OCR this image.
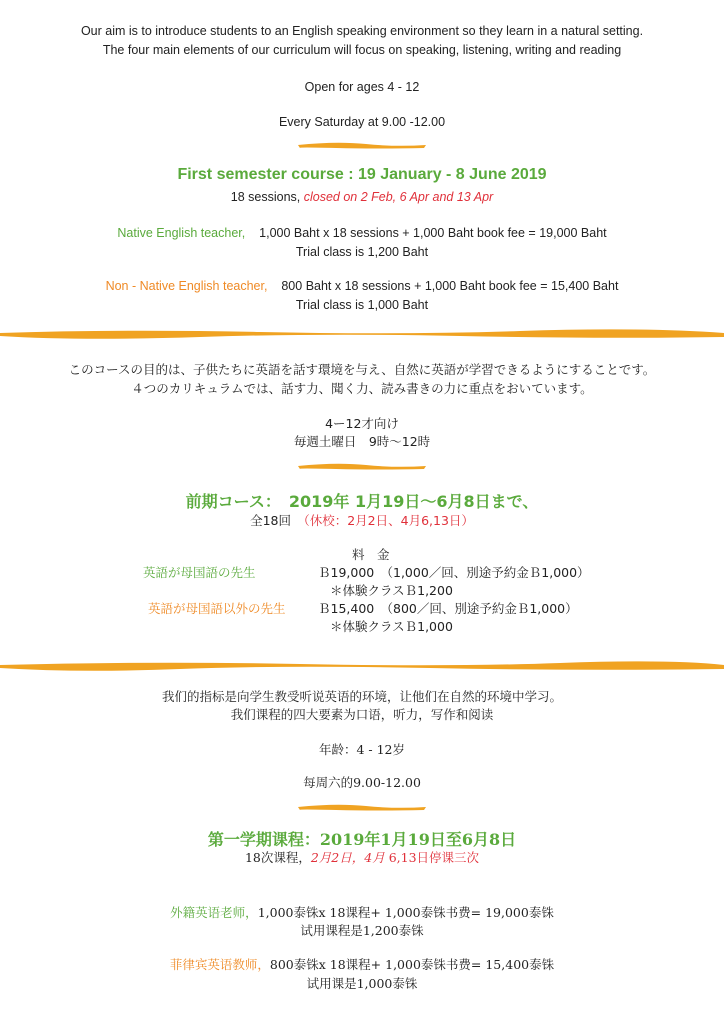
Our aim is to introduce students to an English speaking environment so they learn in a natural setting.
The four main elements of our curriculum will focus on speaking, listening, writing and reading
Open for ages 4 - 12
Every Saturday at 9.00 -12.00
First semester course : 19 January - 8 June 2019
18 sessions, closed on 2 Feb, 6 Apr and 13 Apr
Native English teacher, 1,000 Baht x 18 sessions + 1,000 Baht book fee = 19,000 Baht
Trial class is 1,200 Baht
Non - Native English teacher, 800 Baht x 18 sessions + 1,000 Baht book fee = 15,400 Baht
Trial class is 1,000 Baht
このコースの目的は、子供たちに英語を話す環境を与え、自然に英語が学習できるようにすることです。
４つのカリキュラムでは、話す力、聞く力、読み書きの力に重点をおいています。
4ー12才向け
毎週土曜日　9時〜12時
前期コース：　2019年 1月19日〜6月8日まで、
全18回　（休校：2月2日、4月6,13日）
料　金
英語が母国語の先生	Ｂ19,000　（1,000／回、別途予約金Ｂ1,000）
＊体験クラスＢ1,200
英語が母国語以外の先生	Ｂ15,400　（800／回、別途予約金Ｂ1,000）
＊体験クラスＢ1,000
我们的指标是向学生教受听说英语的环境，让他们在自然的环境中学习。
我们课程的四大要素为口语，听力，写作和阅读
年龄：4 - 12岁
每周六的9.00-12.00
第一学期课程：2019年1月19日至6月8日
18次课程，2月2日，4月 6,13日停课三次
外籍英语老师，1,000泰铢x 18课程+ 1,000泰铢书费= 19,000泰铢
试用课程是1,200泰铢
菲律宾英语教师，800泰铢x 18课程+ 1,000泰铢书费= 15,400泰铢
试用课是1,000泰铢
